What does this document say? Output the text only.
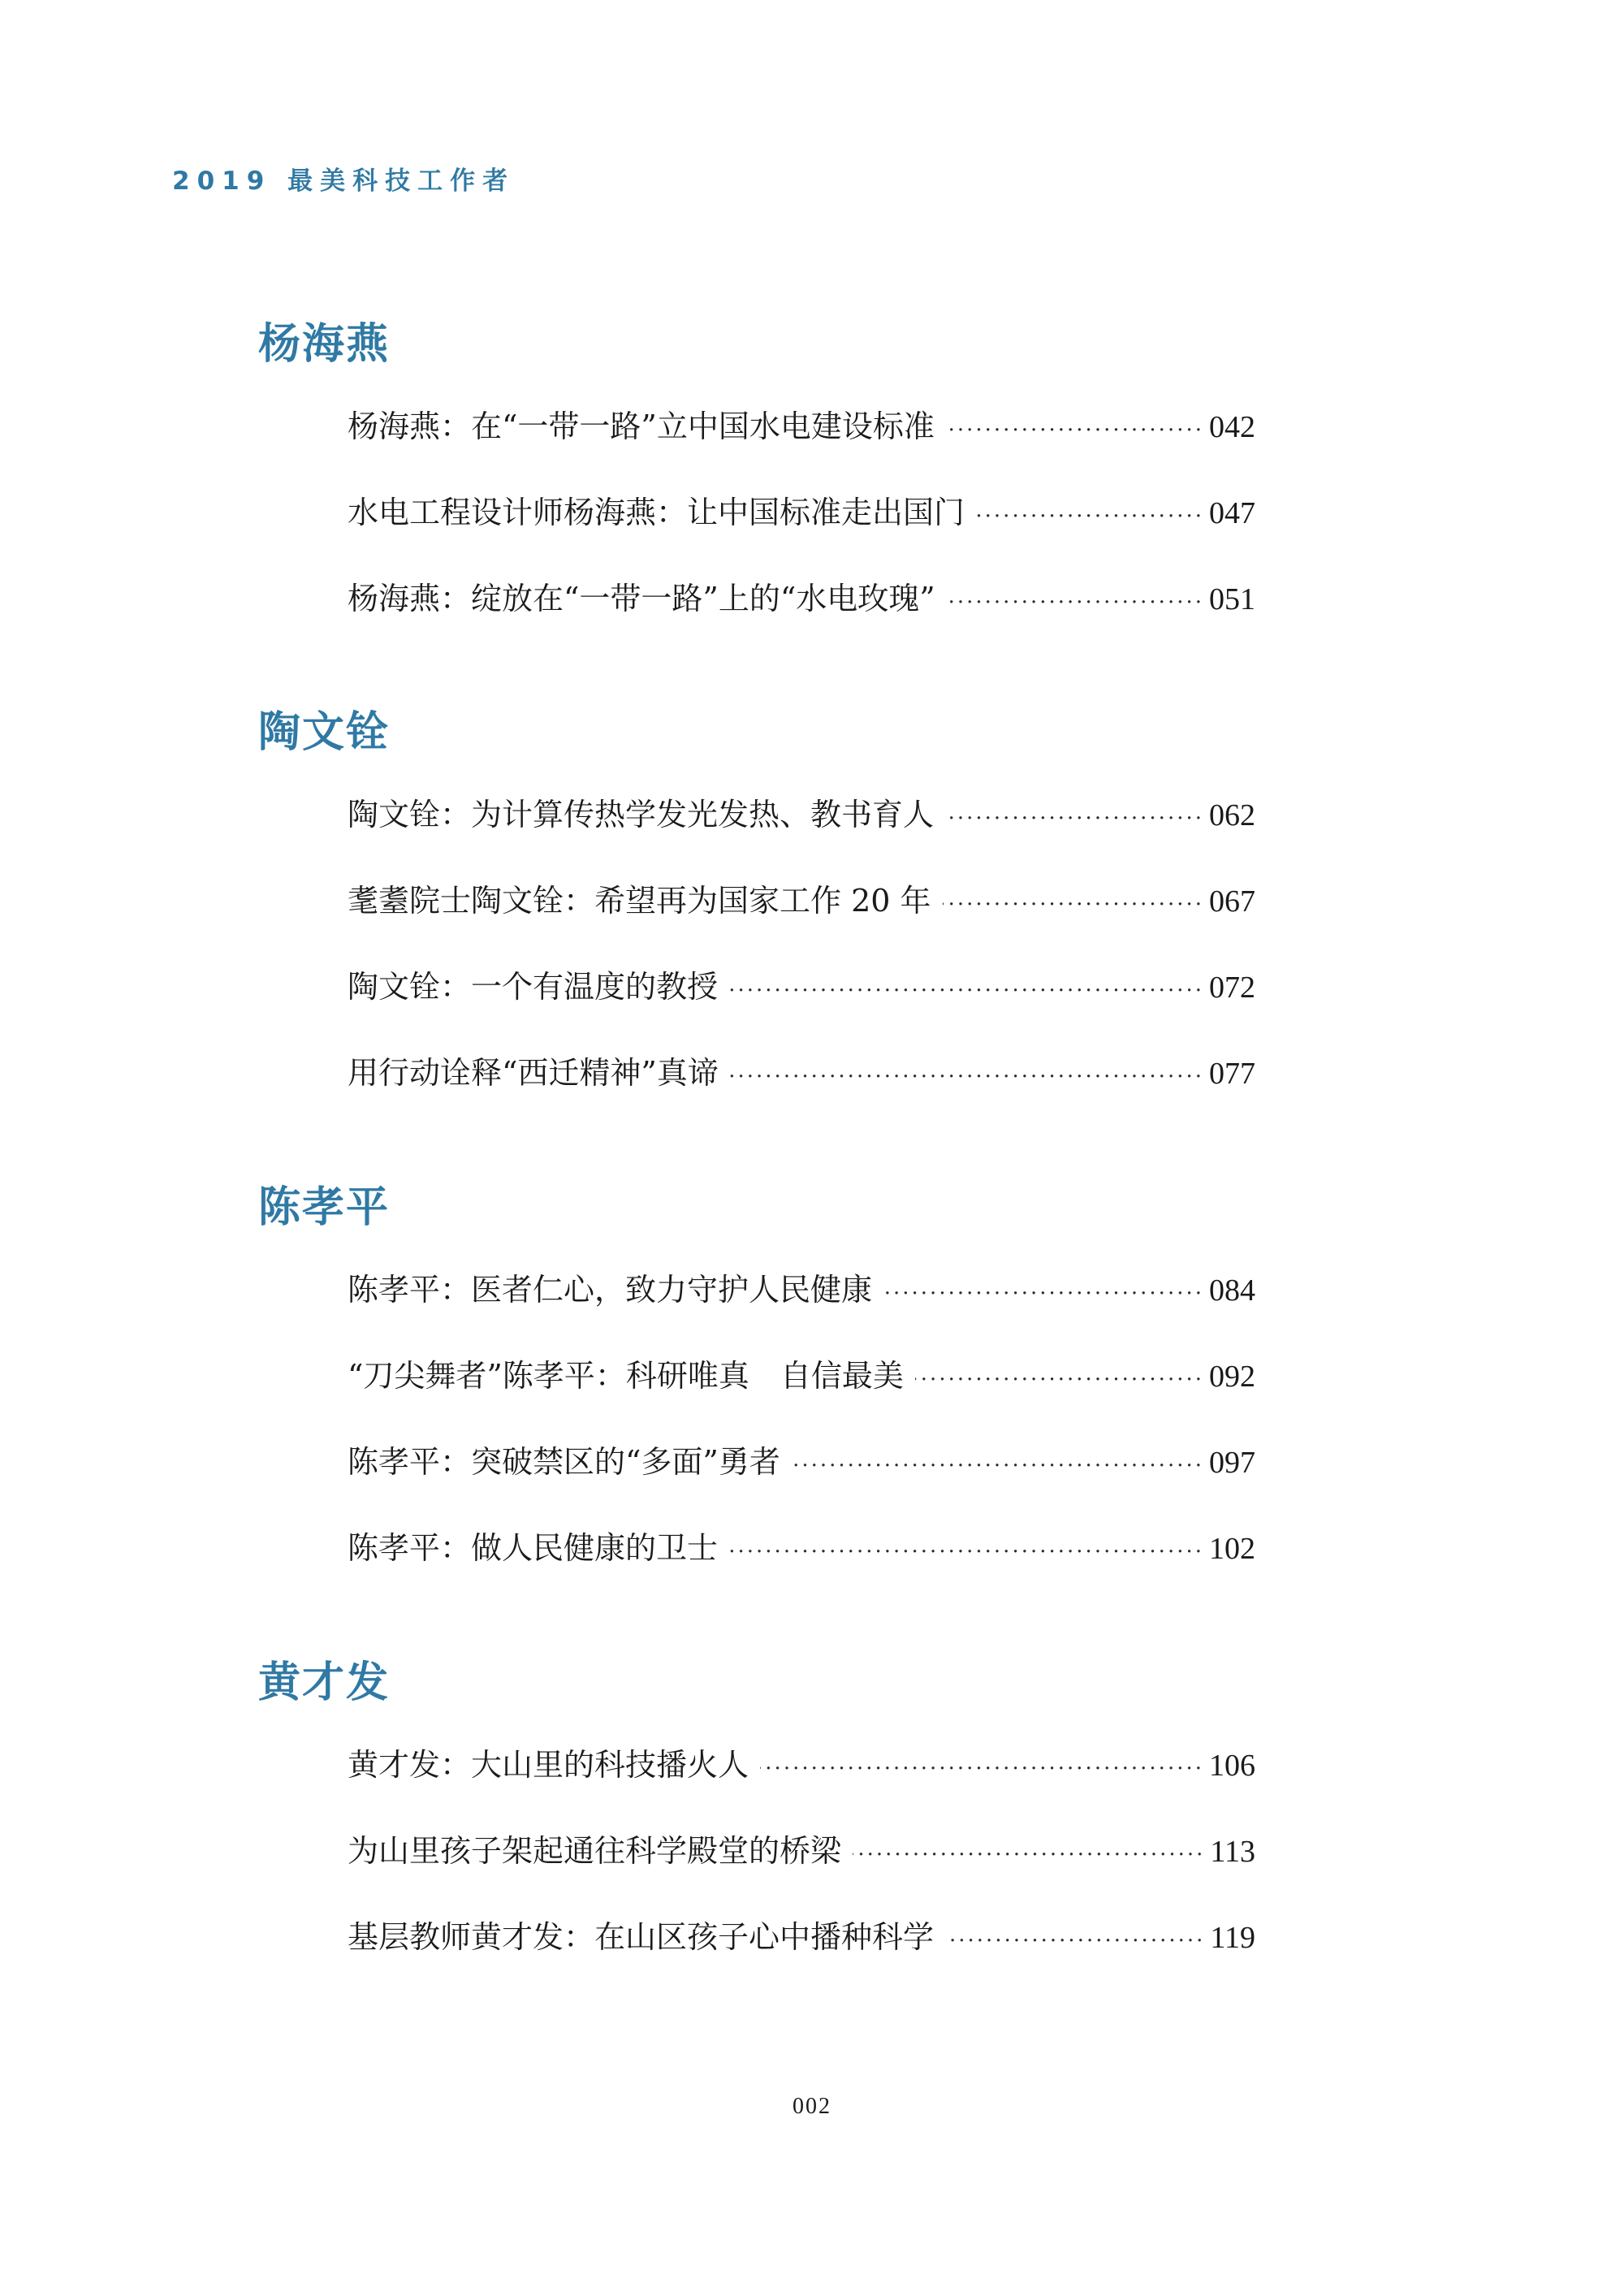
2019 最美科技工作者
杨海燕
杨海燕：在“一带一路”立中国水电建设标准 ·····	042
水电工程设计师杨海燕：让中国标准走出国门 ·····	047
杨海燕：绽放在“一带一路”上的“水电玫瑰” ·····	051
陶文铨
陶文铨：为计算传热学发光发热、教书育人 ·····	062
耄耋院士陶文铨：希望再为国家工作 20 年 ·····	067
陶文铨：一个有温度的教授 ·····	072
用行动诠释“西迁精神”真谛 ·····	077
陈孝平
陈孝平：医者仁心，致力守护人民健康 ·····	084
“刀尖舞者”陈孝平：科研唯真　自信最美 ·····	092
陈孝平：突破禁区的“多面”勇者 ·····	097
陈孝平：做人民健康的卫士 ·····	102
黄才发
黄才发：大山里的科技播火人 ·····	106
为山里孩子架起通往科学殿堂的桥梁 ·····	113
基层教师黄才发：在山区孩子心中播种科学 ·····	119
002
